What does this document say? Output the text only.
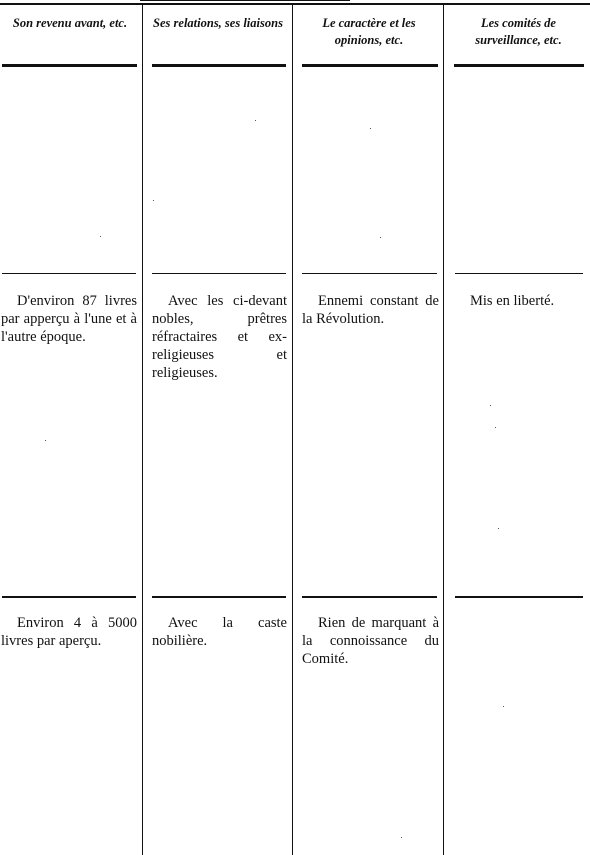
Son revenu avant, etc.	Ses relations, ses liaisons	Le caractère et les opinions, etc.
Les comités de surveillance, etc.
D'environ 87 livres par apperçu à l'une et à l'autre époque.
Avec les ci-devant nobles, prêtres réfractaires et ex-religieuses et religieuses.
Ennemi constant de la Révolution.
Mis en liberté.
Environ 4 à 5000 livres par aperçu.
Avec la caste nobilière.
Rien de marquant à la connoissance du Comité.
